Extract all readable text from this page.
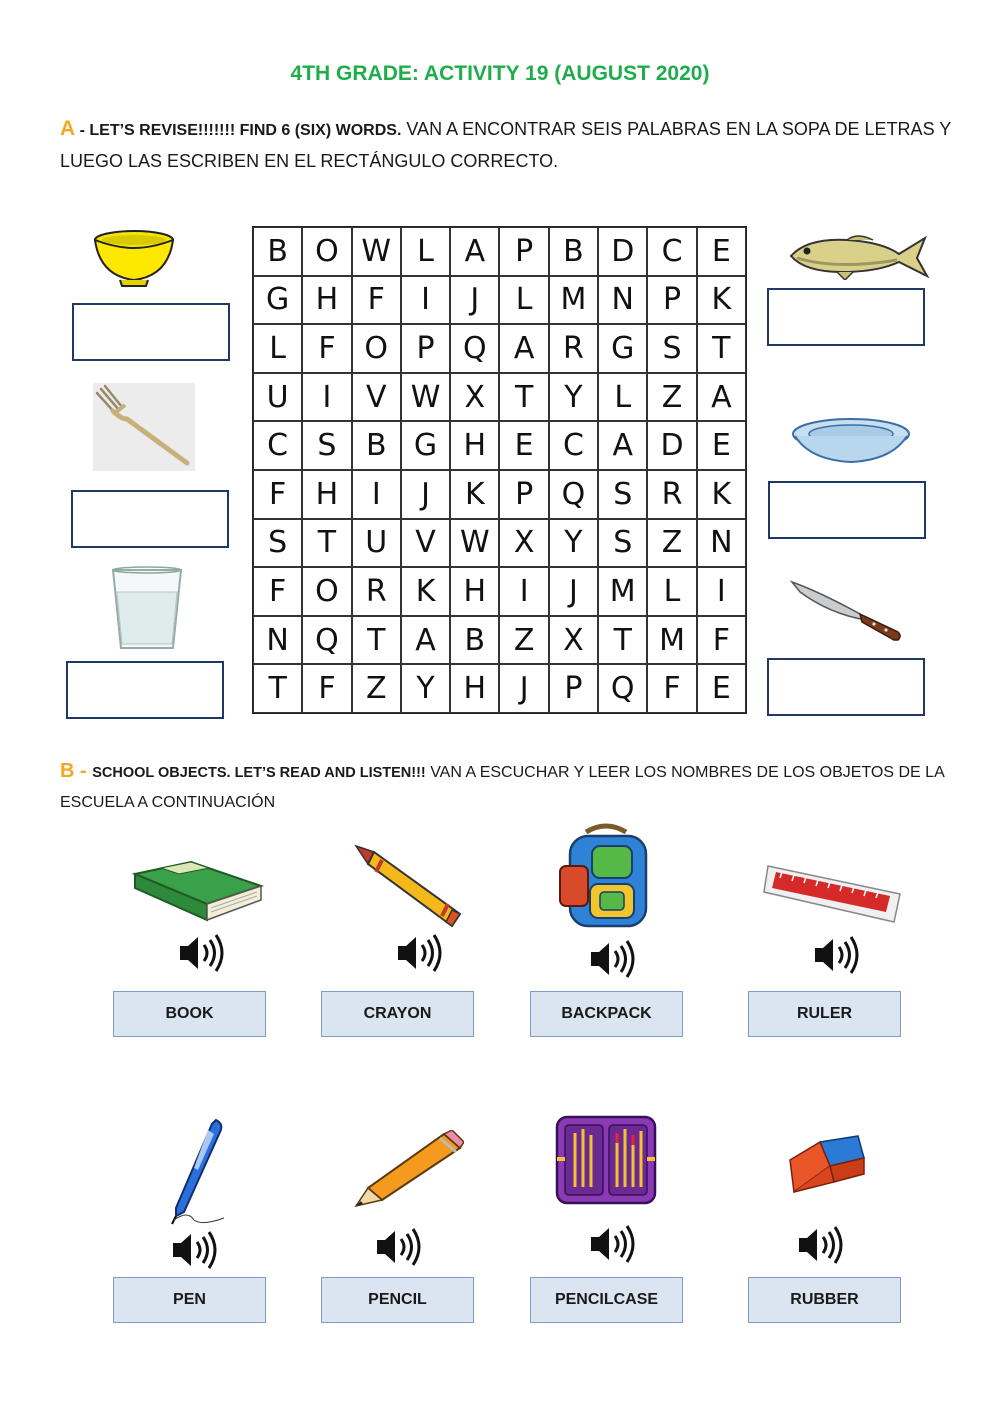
4TH GRADE: ACTIVITY 19 (AUGUST 2020)
A - LET’S REVISE!!!!!!! FIND 6 (SIX) WORDS. VAN A ENCONTRAR SEIS PALABRAS EN LA SOPA DE LETRAS Y LUEGO LAS ESCRIBEN EN EL RECTÁNGULO CORRECTO.
B O W L	A	P B D C E
G H F	I	J	L M N P	K
L	F O P Q A R G S	T
U	I	V W X T	Y	L	Z A
C S B G H E C A D E
F H	I	J	K	P Q S R K
S	T U V W X Y	S Z N
F O R K H	I	J	M L	I
N Q T A B Z X T M F
T	F	Z Y H	J	P Q F	E
B - SCHOOL OBJECTS. LET’S READ AND LISTEN!!! VAN A ESCUCHAR Y LEER LOS NOMBRES DE LOS OBJETOS DE LA ESCUELA A CONTINUACIÓN
BOOK	CRAYON	BACKPACK	RULER
PEN	PENCIL	PENCILCASE	RUBBER
